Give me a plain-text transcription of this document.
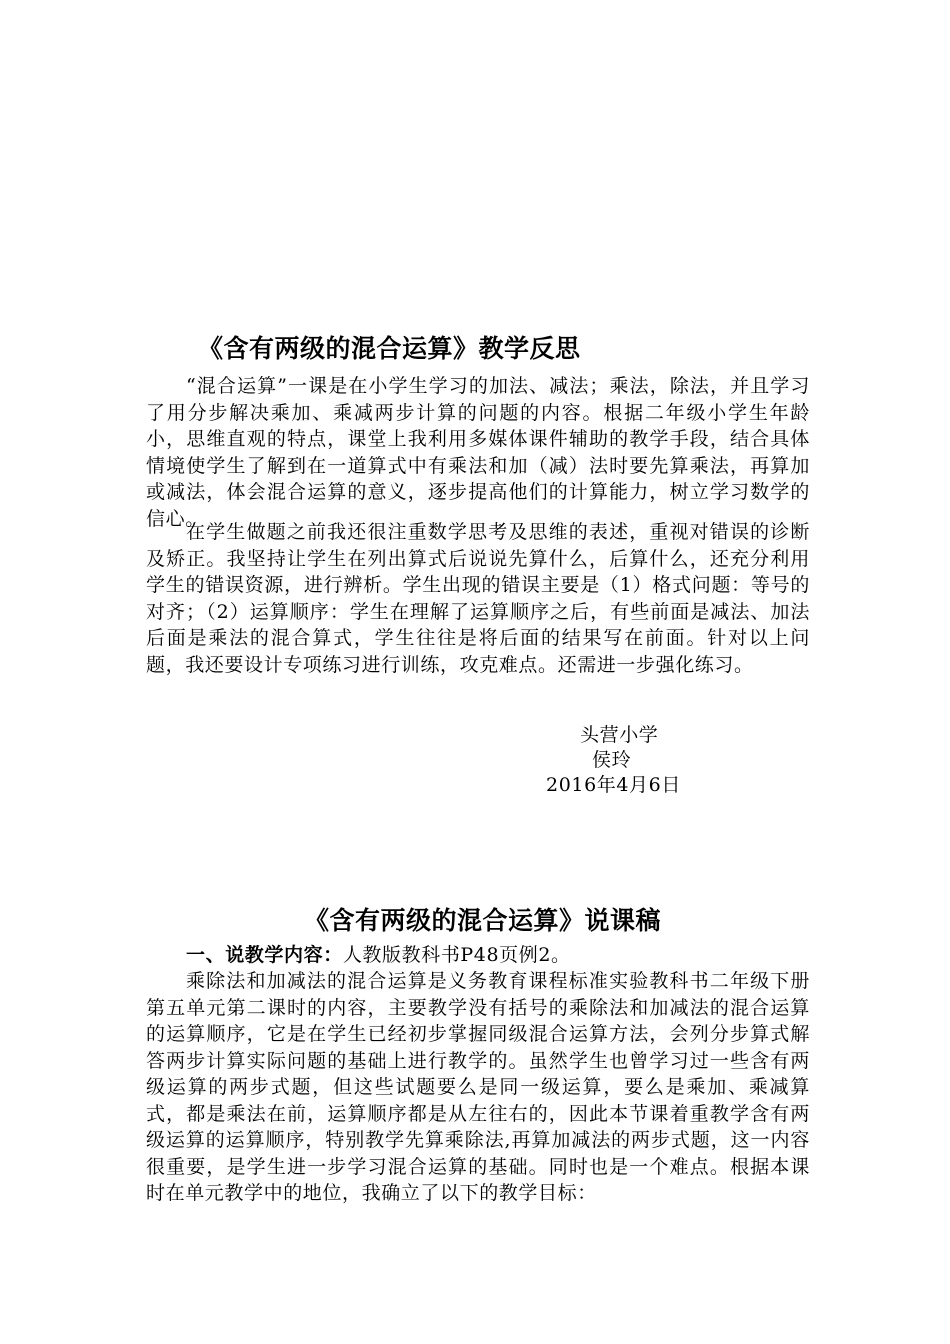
《含有两级的混合运算》教学反思

“混合运算”一课是在小学生学习的加法、减法；乘法，除法，并且学习了用分步解决乘加、乘减两步计算的问题的内容。根据二年级小学生年龄小，思维直观的特点，课堂上我利用多媒体课件辅助的教学手段，结合具体情境使学生了解到在一道算式中有乘法和加（减）法时要先算乘法，再算加或减法，体会混合运算的意义，逐步提高他们的计算能力，树立学习数学的信心。

在学生做题之前我还很注重数学思考及思维的表述，重视对错误的诊断及矫正。我坚持让学生在列出算式后说说先算什么，后算什么，还充分利用学生的错误资源，进行辨析。学生出现的错误主要是（1）格式问题：等号的对齐；（2）运算顺序：学生在理解了运算顺序之后，有些前面是减法、加法后面是乘法的混合算式，学生往往是将后面的结果写在前面。针对以上问题，我还要设计专项练习进行训练，攻克难点。还需进一步强化练习。

头营小学
侯玲
2016年4月6日
《含有两级的混合运算》说课稿
一、说教学内容：人教版教科书P48页例2。

乘除法和加减法的混合运算是义务教育课程标准实验教科书二年级下册第五单元第二课时的内容，主要教学没有括号的乘除法和加减法的混合运算的运算顺序，它是在学生已经初步掌握同级混合运算方法，会列分步算式解答两步计算实际问题的基础上进行教学的。虽然学生也曾学习过一些含有两级运算的两步式题，但这些试题要么是同一级运算，要么是乘加、乘减算式，都是乘法在前，运算顺序都是从左往右的，因此本节课着重教学含有两级运算的运算顺序，特别教学先算乘除法,再算加减法的两步式题，这一内容很重要，是学生进一步学习混合运算的基础。同时也是一个难点。根据本课时在单元教学中的地位，我确立了以下的教学目标：
